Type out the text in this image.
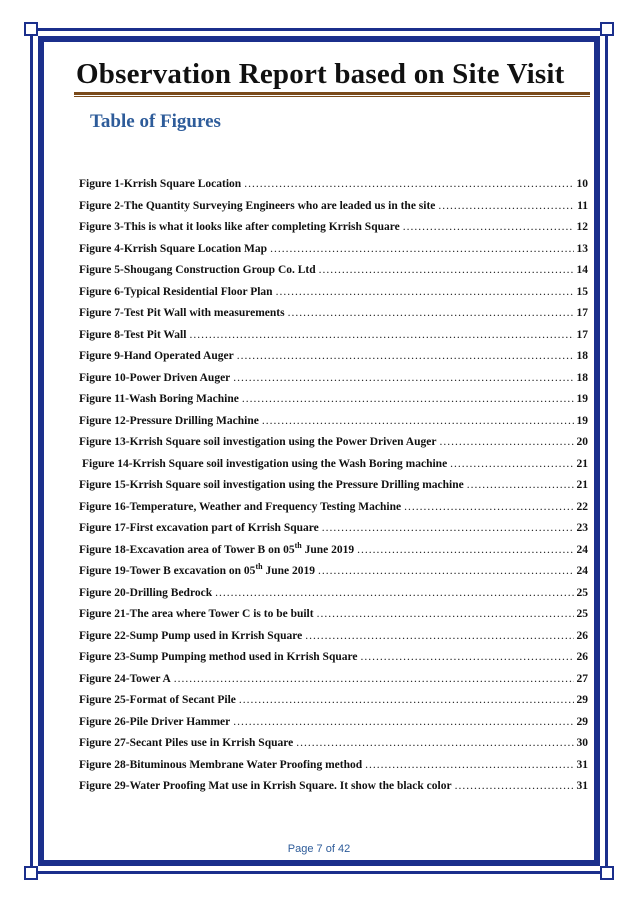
Observation Report based on Site Visit
Table of Figures
Figure 1-Krrish Square Location .....	10
Figure 2-The Quantity Surveying Engineers who are leaded us in the site .....	11
Figure 3-This is what it looks like after completing Krrish Square .....	12
Figure 4-Krrish Square Location Map .....	13
Figure 5-Shougang Construction Group Co. Ltd .....	14
Figure 6-Typical Residential Floor Plan .....	15
Figure 7-Test Pit Wall with measurements .....	17
Figure 8-Test Pit Wall .....	17
Figure 9-Hand Operated Auger .....	18
Figure 10-Power Driven Auger .....	18
Figure 11-Wash Boring Machine .....	19
Figure 12-Pressure Drilling Machine .....	19
Figure 13-Krrish Square soil investigation using the Power Driven Auger .....	20
Figure 14-Krrish Square soil investigation using the Wash Boring machine .....	21
Figure 15-Krrish Square soil investigation using the Pressure Drilling machine .....	21
Figure 16-Temperature, Weather and Frequency Testing Machine .....	22
Figure 17-First excavation part of Krrish Square .....	23
Figure 18-Excavation area of Tower B on 05th June 2019 .....	24
Figure 19-Tower B excavation on 05th June 2019 .....	24
Figure 20-Drilling Bedrock .....	25
Figure 21-The area where Tower C is to be built .....	25
Figure 22-Sump Pump used in Krrish Square .....	26
Figure 23-Sump Pumping method used in Krrish Square .....	26
Figure 24-Tower A .....	27
Figure 25-Format of Secant Pile .....	29
Figure 26-Pile Driver Hammer .....	29
Figure 27-Secant Piles use in Krrish Square .....	30
Figure 28-Bituminous Membrane Water Proofing method .....	31
Figure 29-Water Proofing Mat use in Krrish Square. It show the black color .....	31
Page 7 of 42
